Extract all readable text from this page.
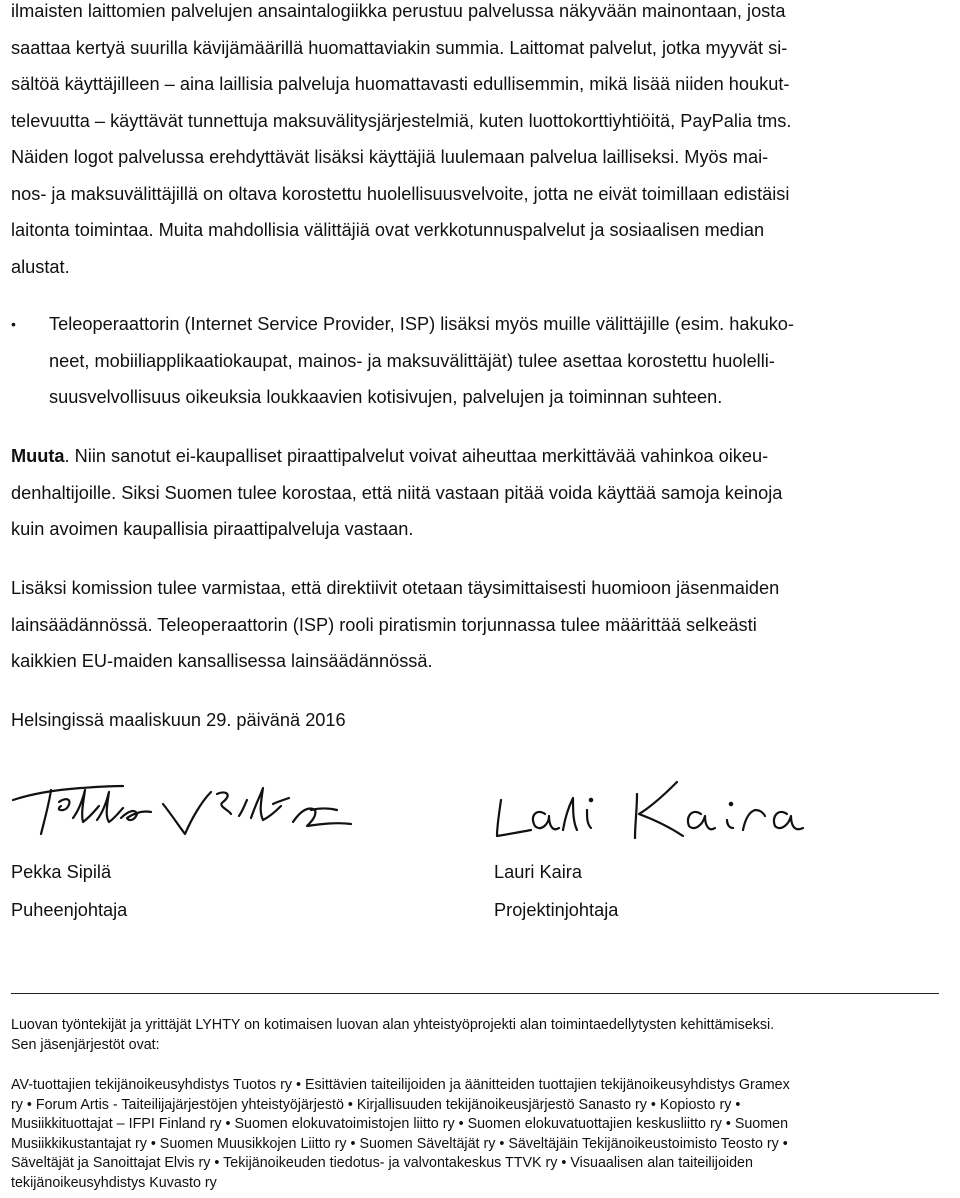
ilmaisten laittomien palvelujen ansaintalogiikka perustuu palvelussa näkyvään mainontaan, josta
saattaa kertyä suurilla kävijämäärillä huomattaviakin summia. Laittomat palvelut, jotka myyvät si-
sältöä käyttäjilleen – aina laillisia palveluja huomattavasti edullisemmin, mikä lisää niiden houkut-
televuutta – käyttävät tunnettuja maksuvälitysjärjestelmiä, kuten luottokorttiyhtiöitä, PayPalia tms.
Näiden logot palvelussa erehdyttävät lisäksi käyttäjiä luulemaan palvelua lailliseksi. Myös mai-
nos- ja maksuvälittäjillä on oltava korostettu huolellisuusvelvoite, jotta ne eivät toimillaan edistäisi
laitonta toimintaa. Muita mahdollisia välittäjiä ovat verkkotunnuspalvelut ja sosiaalisen median
alustat.
• Teleoperaattorin (Internet Service Provider, ISP) lisäksi myös muille välittäjille (esim. hakuko-
neet, mobiiliapplikaatiokaupat, mainos- ja maksuvälittäjät) tulee asettaa korostettu huolelli-
suusvelvollisuus oikeuksia loukkaavien kotisivujen, palvelujen ja toiminnan suhteen.
Muuta. Niin sanotut ei-kaupalliset piraattipalvelut voivat aiheuttaa merkittävää vahinkoa oikeu-
denhaltijoille. Siksi Suomen tulee korostaa, että niitä vastaan pitää voida käyttää samoja keinoja
kuin avoimen kaupallisia piraattipalveluja vastaan.
Lisäksi komission tulee varmistaa, että direktiivit otetaan täysimittaisesti huomioon jäsenmaiden
lainsäädännössä. Teleoperaattorin (ISP) rooli piratismin torjunnassa tulee määrittää selkeästi
kaikkien EU-maiden kansallisessa lainsäädännössä.
Helsingissä maaliskuun 29. päivänä 2016
Pekka Sipilä
Puheenjohtaja
Lauri Kaira
Projektinjohtaja
Luovan työntekijät ja yrittäjät LYHTY on kotimaisen luovan alan yhteistyöprojekti alan toimintaedellytysten kehittämiseksi.
Sen jäsenjärjestöt ovat:
AV-tuottajien tekijänoikeusyhdistys Tuotos ry • Esittävien taiteilijoiden ja äänitteiden tuottajien tekijänoikeusyhdistys Gramex
ry • Forum Artis - Taiteilijajärjestöjen yhteistyöjärjestö • Kirjallisuuden tekijänoikeusjärjestö Sanasto ry • Kopiosto ry •
Musiikkituottajat – IFPI Finland ry • Suomen elokuvatoimistojen liitto ry • Suomen elokuvatuottajien keskusliitto ry • Suomen
Musiikkikustantajat ry • Suomen Muusikkojen Liitto ry • Suomen Säveltäjät ry • Säveltäjäin Tekijänoikeustoimisto Teosto ry •
Säveltäjät ja Sanoittajat Elvis ry • Tekijänoikeuden tiedotus- ja valvontakeskus TTVK ry • Visuaalisen alan taiteilijoiden
tekijänoikeusyhdistys Kuvasto ry
